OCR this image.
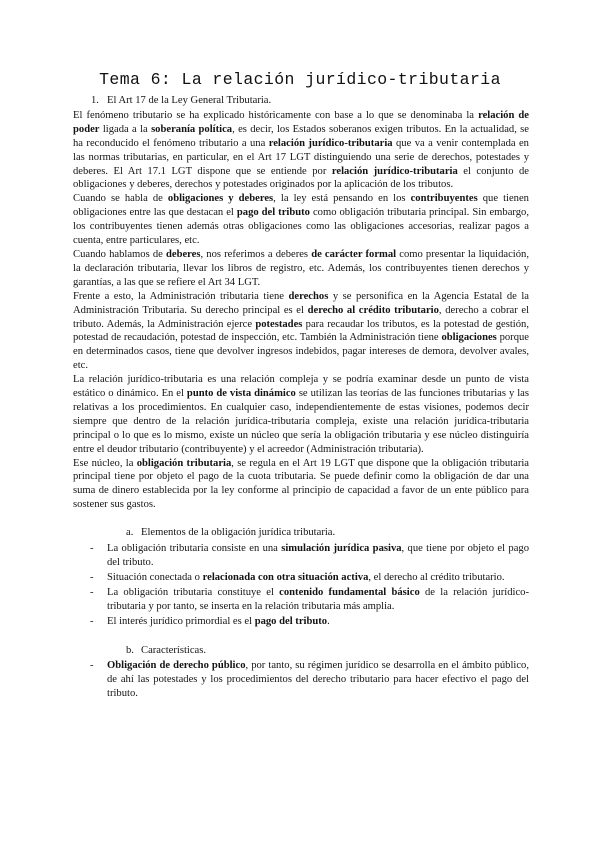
Tema 6: La relación jurídico-tributaria
1. El Art 17 de la Ley General Tributaria.

El fenómeno tributario se ha explicado históricamente con base a lo que se denominaba la relación de poder ligada a la soberanía política, es decir, los Estados soberanos exigen tributos. En la actualidad, se ha reconducido el fenómeno tributario a una relación jurídico-tributaria que va a venir contemplada en las normas tributarias, en particular, en el Art 17 LGT distinguiendo una serie de derechos, potestades y deberes. El Art 17.1 LGT dispone que se entiende por relación jurídico-tributaria el conjunto de obligaciones y deberes, derechos y potestades originados por la aplicación de los tributos.

Cuando se habla de obligaciones y deberes, la ley está pensando en los contribuyentes que tienen obligaciones entre las que destacan el pago del tributo como obligación tributaria principal. Sin embargo, los contribuyentes tienen además otras obligaciones como las obligaciones accesorias, realizar pagos a cuenta, entre particulares, etc.

Cuando hablamos de deberes, nos referimos a deberes de carácter formal como presentar la liquidación, la declaración tributaria, llevar los libros de registro, etc. Además, los contribuyentes tienen derechos y garantías, a las que se refiere el Art 34 LGT.

Frente a esto, la Administración tributaria tiene derechos y se personifica en la Agencia Estatal de la Administración Tributaria. Su derecho principal es el derecho al crédito tributario, derecho a cobrar el tributo. Además, la Administración ejerce potestades para recaudar los tributos, es la potestad de gestión, potestad de recaudación, potestad de inspección, etc. También la Administración tiene obligaciones porque en determinados casos, tiene que devolver ingresos indebidos, pagar intereses de demora, devolver avales, etc.

La relación jurídico-tributaria es una relación compleja y se podría examinar desde un punto de vista estático o dinámico. En el punto de vista dinámico se utilizan las teorías de las funciones tributarias y las relativas a los procedimientos. En cualquier caso, independientemente de estas visiones, podemos decir siempre que dentro de la relación jurídica-tributaria compleja, existe una relación jurídica-tributaria principal o lo que es lo mismo, existe un núcleo que sería la obligación tributaria y ese núcleo distinguiría entre el deudor tributario (contribuyente) y el acreedor (Administración tributaria).

Ese núcleo, la obligación tributaria, se regula en el Art 19 LGT que dispone que la obligación tributaria principal tiene por objeto el pago de la cuota tributaria. Se puede definir como la obligación de dar una suma de dinero establecida por la ley conforme al principio de capacidad a favor de un ente público para sostener sus gastos.

a. Elementos de la obligación jurídica tributaria.
- La obligación tributaria consiste en una simulación jurídica pasiva, que tiene por objeto el pago del tributo.
- Situación conectada o relacionada con otra situación activa, el derecho al crédito tributario.
- La obligación tributaria constituye el contenido fundamental básico de la relación jurídico-tributaria y por tanto, se inserta en la relación tributaria más amplia.
- El interés jurídico primordial es el pago del tributo.
b. Características.
- Obligación de derecho público, por tanto, su régimen jurídico se desarrolla en el ámbito público, de ahí las potestades y los procedimientos del derecho tributario para hacer efectivo el pago del tributo.
